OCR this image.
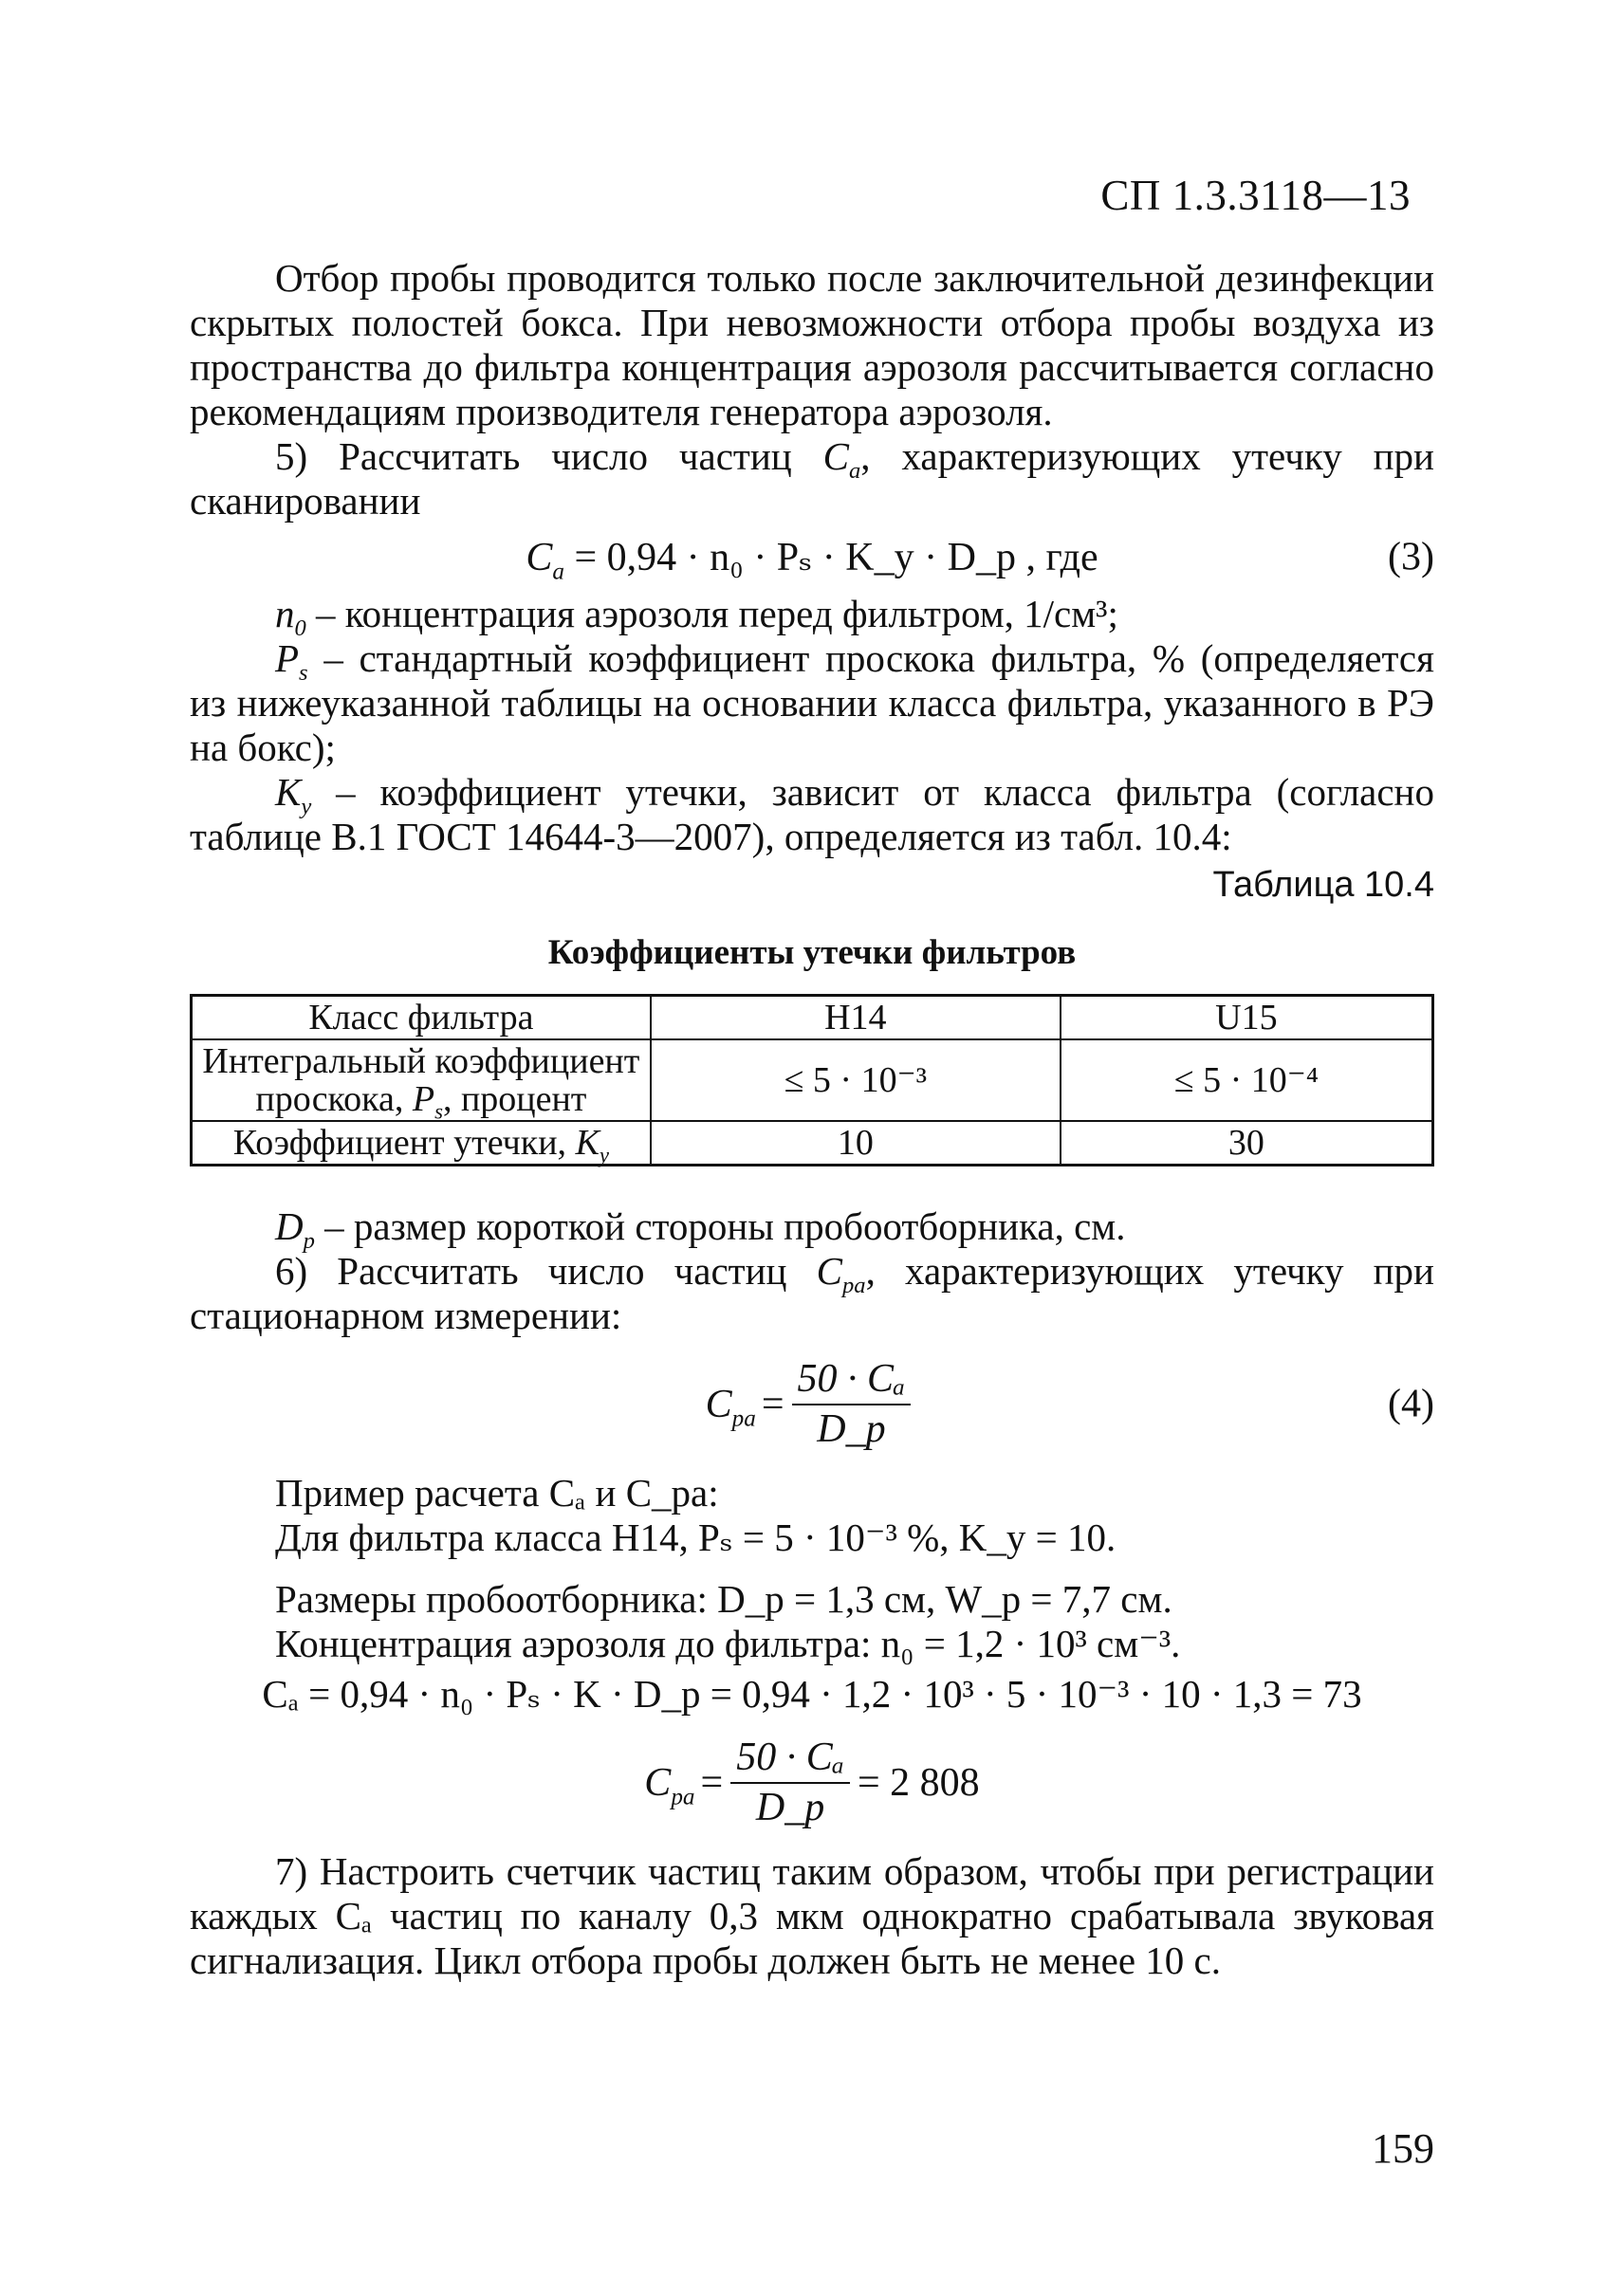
СП 1.3.3118—13

Отбор пробы проводится только после заключительной дезинфекции скрытых полостей бокса. При невозможности отбора пробы воздуха из пространства до фильтра концентрация аэрозоля рассчитывается согласно рекомендациям производителя генератора аэрозоля.

5) Рассчитать число частиц $C_a$, характеризующих утечку при сканировании

$C_a = 0,94 \cdot n_0 \cdot P_s$ · K_y · D_p , где	(3)

$n_0$ – концентрация аэрозоля перед фильтром, 1/см³;

$P_s$ – стандартный коэффициент проскока фильтра, % (определяется из нижеуказанной таблицы на основании класса фильтра, указанного в РЭ на бокс);

$K_y$ – коэффициент утечки, зависит от класса фильтра (согласно таблице В.1 ГОСТ 14644-3—2007), определяется из табл. 10.4:

Таблица 10.4
Коэффициенты утечки фильтров
Класс фильтра	H14	U15
Интегральный коэффициент проскока, $P_s$, процент	≤ 5 · 10⁻³	≤ 5 · 10⁻⁴
Коэффициент утечки, $K_y$	10	30

$D_p$ – размер короткой стороны пробоотборника, см.

6) Рассчитать число частиц $C_{pa}$, характеризующих утечку при стационарном измерении:

$C_{pa} = \frac{\text{50 · Cₐ}}{D\_p}$	(4)

Пример расчета Cₐ и C_pa:

Для фильтра класса H14, Pₛ = 5 · 10⁻³ %, K_y = 10.

Размеры пробоотборника: D_p = 1,3 см, W_p = 7,7 см.

Концентрация аэрозоля до фильтра: n₀ = 1,2 · 10³ см⁻³.

Cₐ = 0,94 · n₀ · Pₛ · K · D_p = 0,94 · 1,2 · 10³ · 5 · 10⁻³ · 10 · 1,3 = 73

$C_{pa} = \frac{\text{50 · Cₐ}}{D\_p} = 2$ 808

7) Настроить счетчик частиц таким образом, чтобы при регистрации каждых Cₐ частиц по каналу 0,3 мкм однократно срабатывала звуковая сигнализация. Цикл отбора пробы должен быть не менее 10 с.

159
